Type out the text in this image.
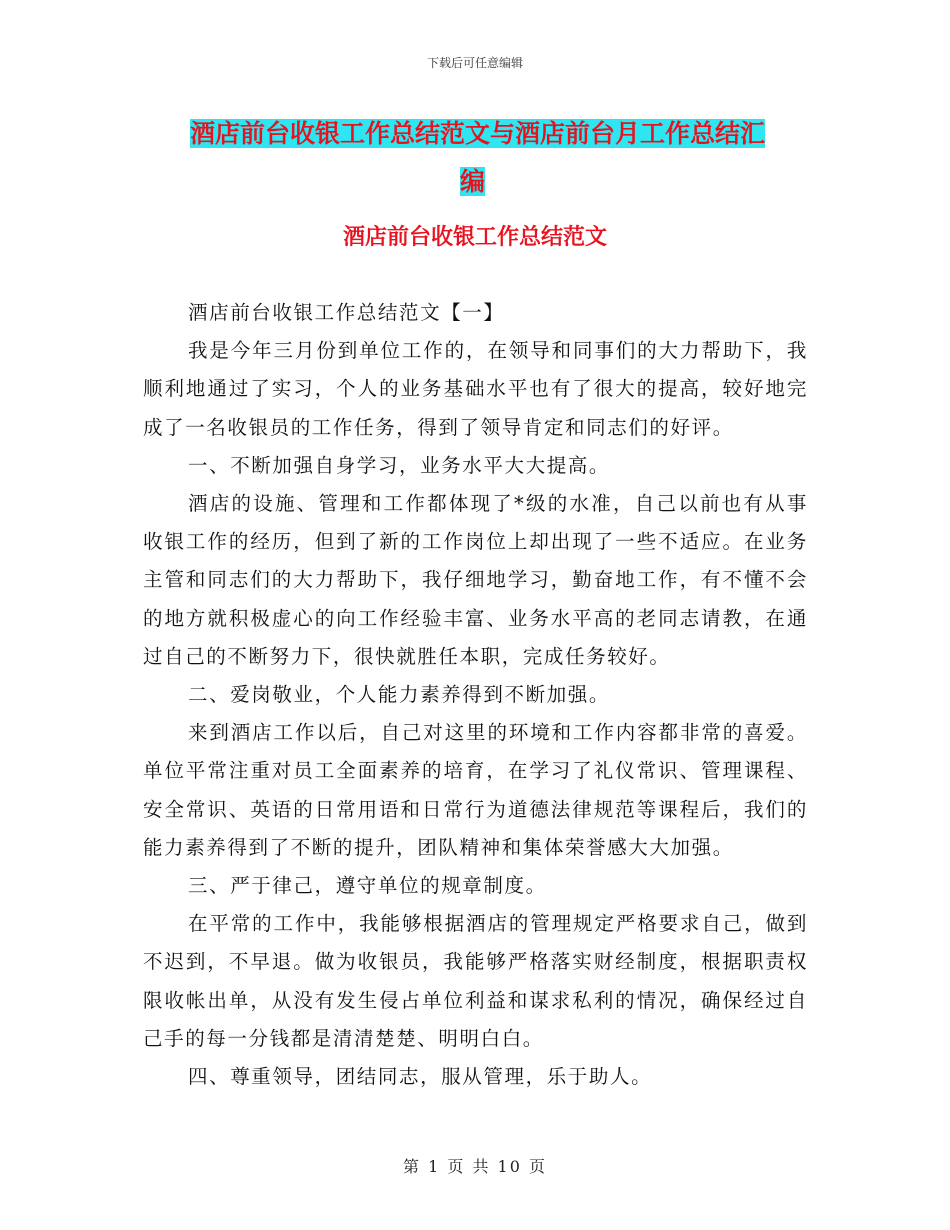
下载后可任意编辑
酒店前台收银工作总结范文与酒店前台月工作总结汇
编
酒店前台收银工作总结范文

酒店前台收银工作总结范文【一】

我是今年三月份到单位工作的，在领导和同事们的大力帮助下，我顺利地通过了实习，个人的业务基础水平也有了很大的提高，较好地完成了一名收银员的工作任务，得到了领导肯定和同志们的好评。

一、不断加强自身学习，业务水平大大提高。

酒店的设施、管理和工作都体现了*级的水准，自己以前也有从事收银工作的经历，但到了新的工作岗位上却出现了一些不适应。在业务主管和同志们的大力帮助下，我仔细地学习，勤奋地工作，有不懂不会的地方就积极虚心的向工作经验丰富、业务水平高的老同志请教，在通过自己的不断努力下，很快就胜任本职，完成任务较好。

二、爱岗敬业，个人能力素养得到不断加强。

来到酒店工作以后，自己对这里的环境和工作内容都非常的喜爱。单位平常注重对员工全面素养的培育，在学习了礼仪常识、管理课程、安全常识、英语的日常用语和日常行为道德法律规范等课程后，我们的能力素养得到了不断的提升，团队精神和集体荣誉感大大加强。

三、严于律己，遵守单位的规章制度。

在平常的工作中，我能够根据酒店的管理规定严格要求自己，做到不迟到，不早退。做为收银员，我能够严格落实财经制度，根据职责权限收帐出单，从没有发生侵占单位利益和谋求私利的情况，确保经过自己手的每一分钱都是清清楚楚、明明白白。

四、尊重领导，团结同志，服从管理，乐于助人。

第 1 页 共 10 页
